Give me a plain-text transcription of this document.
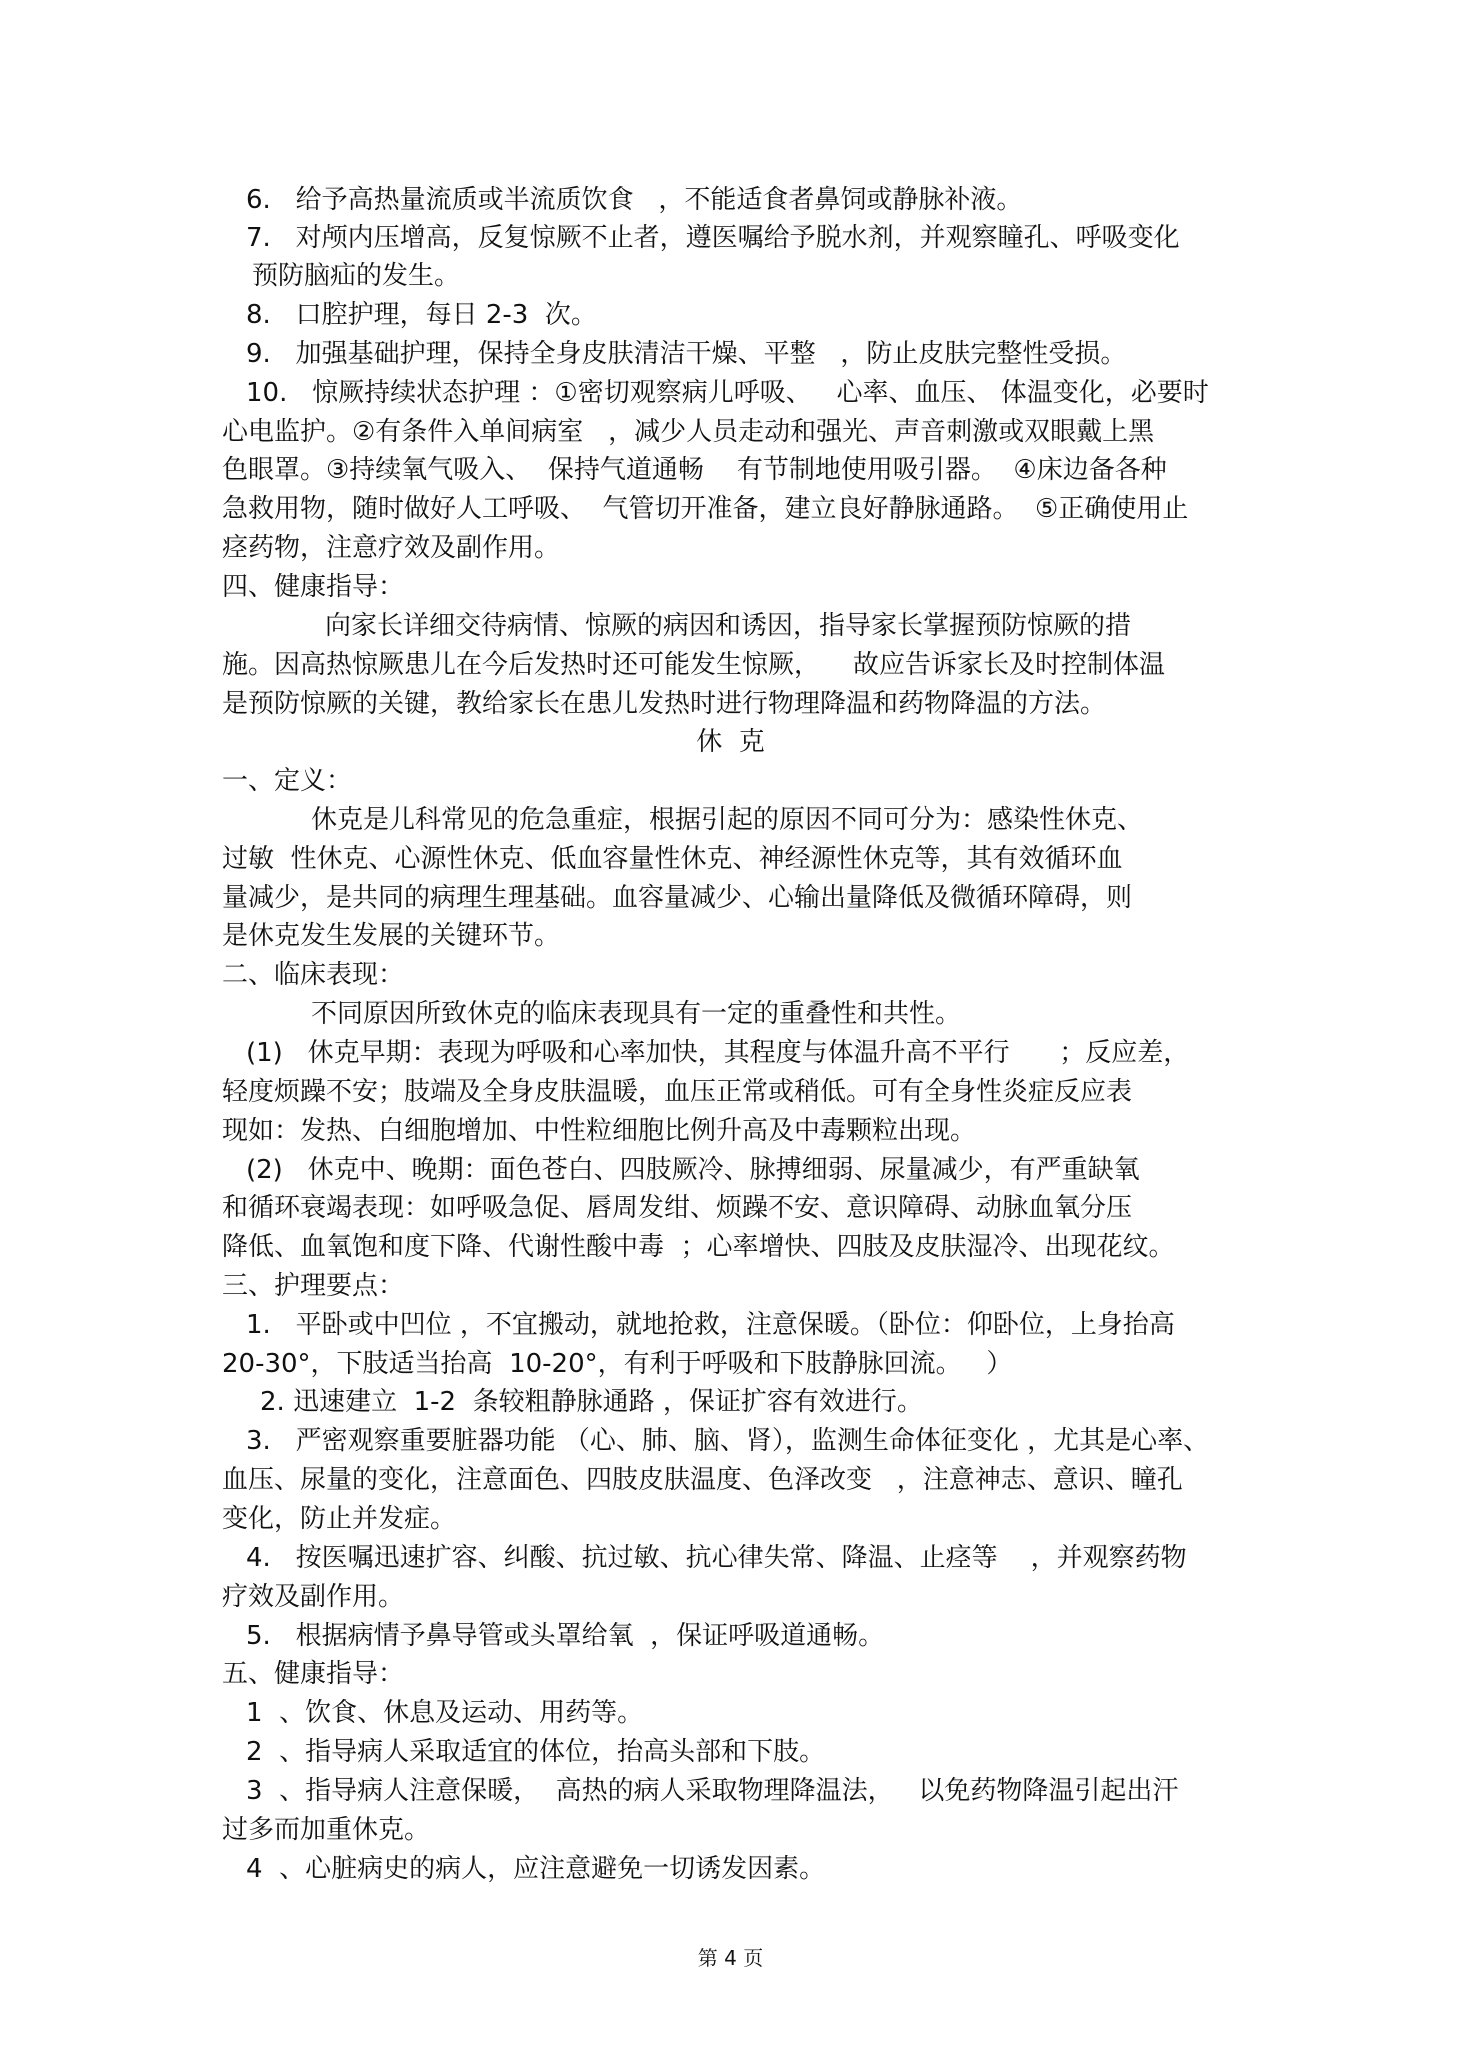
6.   给予高热量流质或半流质饮食   ，不能适食者鼻饲或静脉补液。
7.   对颅内压增高，反复惊厥不止者，遵医嘱给予脱水剂，并观察瞳孔、呼吸变化
预防脑疝的发生。
8.   口腔护理，每日 2-3  次。
9.   加强基础护理，保持全身皮肤清洁干燥、平整   ，防止皮肤完整性受损。
10.   惊厥持续状态护理 ：①密切观察病儿呼吸、   心率、血压、 体温变化，必要时
心电监护。②有条件入单间病室   ，减少人员走动和强光、声音刺激或双眼戴上黑
色眼罩。③持续氧气吸入、  保持气道通畅    有节制地使用吸引器。  ④床边备各种
急救用物，随时做好人工呼吸、  气管切开准备，建立良好静脉通路。  ⑤正确使用止
痉药物，注意疗效及副作用。
四、健康指导：
向家长详细交待病情、惊厥的病因和诱因，指导家长掌握预防惊厥的措
施。因高热惊厥患儿在今后发热时还可能发生惊厥，    故应告诉家长及时控制体温
是预防惊厥的关键，教给家长在患儿发热时进行物理降温和药物降温的方法。
休  克
一、定义：
休克是儿科常见的危急重症，根据引起的原因不同可分为：感染性休克、
过敏  性休克、心源性休克、低血容量性休克、神经源性休克等，其有效循环血
量减少，是共同的病理生理基础。血容量减少、心输出量降低及微循环障碍，则
是休克发生发展的关键环节。
二、临床表现：
不同原因所致休克的临床表现具有一定的重叠性和共性。
(1)   休克早期：表现为呼吸和心率加快，其程度与体温升高不平行      ；反应差，
轻度烦躁不安；肢端及全身皮肤温暖，血压正常或稍低。可有全身性炎症反应表
现如：发热、白细胞增加、中性粒细胞比例升高及中毒颗粒出现。
(2)   休克中、晚期：面色苍白、四肢厥冷、脉搏细弱、尿量减少，有严重缺氧
和循环衰竭表现：如呼吸急促、唇周发绀、烦躁不安、意识障碍、动脉血氧分压
降低、血氧饱和度下降、代谢性酸中毒  ；心率增快、四肢及皮肤湿冷、出现花纹。
三、护理要点：
1.   平卧或中凹位 ，不宜搬动，就地抢救，注意保暖。（卧位：仰卧位，上身抬高
20-30°，下肢适当抬高  10-20°，有利于呼吸和下肢静脉回流。   ）
2. 迅速建立  1-2  条较粗静脉通路 ，保证扩容有效进行。
3.   严密观察重要脏器功能 （心、肺、脑、肾），监测生命体征变化 ，尤其是心率、
血压、尿量的变化，注意面色、四肢皮肤温度、色泽改变   ，注意神志、意识、瞳孔
变化，防止并发症。
4.   按医嘱迅速扩容、纠酸、抗过敏、抗心律失常、降温、止痉等    ，并观察药物
疗效及副作用。
5.   根据病情予鼻导管或头罩给氧  ，保证呼吸道通畅。
五、健康指导：
1  、饮食、休息及运动、用药等。
2  、指导病人采取适宜的体位，抬高头部和下肢。
3  、指导病人注意保暖，  高热的病人采取物理降温法，   以免药物降温引起出汗
过多而加重休克。
4  、心脏病史的病人，应注意避免一切诱发因素。
第 4 页
